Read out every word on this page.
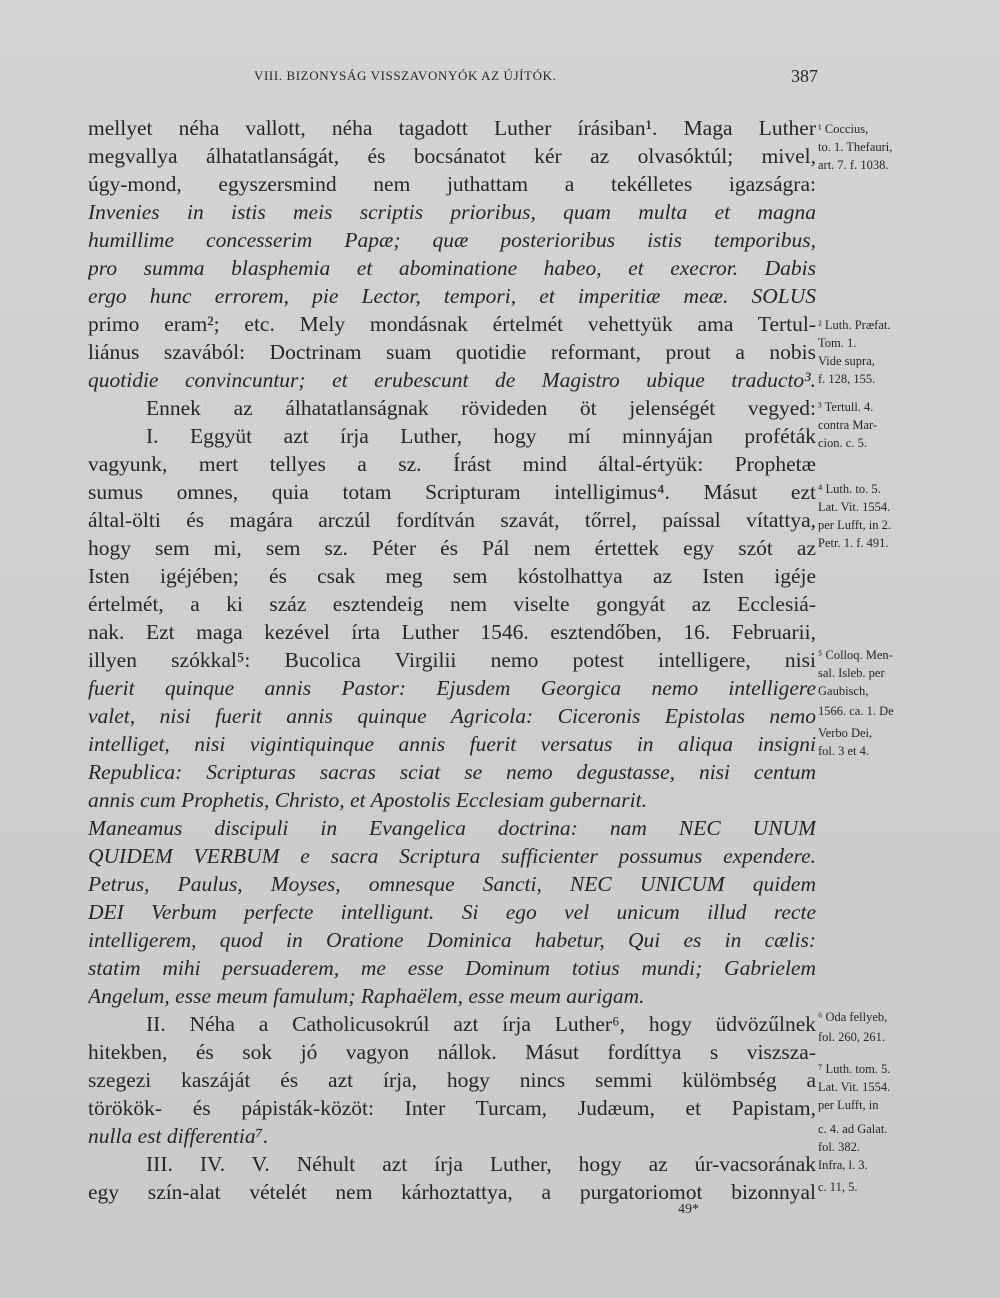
VIII. BIZONYSÁG VISSZAVONYÓK AZ ÚJÍTÓK.	387
mellyet néha vallott, néha tagadott Luther írásiban¹. Maga Luther
megvallya álhatatlanságát, és bocsánatot kér az olvasóktúl; mivel,
úgy-mond, egyszersmind nem juthattam a tekélletes igazságra:
Invenies in istis meis scriptis prioribus, quam multa et magna
humillime concesserim Papæ; quæ posterioribus istis temporibus,
pro summa blasphemia et abominatione habeo, et execror. Dabis
ergo hunc errorem, pie Lector, tempori, et imperitiæ meæ. SOLUS
primo eram²; etc. Mely mondásnak értelmét vehettyük ama Tertul-
liánus szavából: Doctrinam suam quotidie reformant, prout a nobis
quotidie convincuntur; et erubescunt de Magistro ubique traducto³.
Ennek az álhatatlanságnak rövideden öt jelenségét vegyed:
I. Eggyüt azt írja Luther, hogy mí minnyájan proféták
vagyunk, mert tellyes a sz. Írást mind által-értyük: Prophetæ
sumus omnes, quia totam Scripturam intelligimus⁴. Másut ezt
által-ölti és magára arczúl fordítván szavát, tőrrel, paíssal vítattya,
hogy sem mi, sem sz. Péter és Pál nem értettek egy szót az
Isten igéjében; és csak meg sem kóstolhattya az Isten igéje
értelmét, a ki száz esztendeig nem viselte gongyát az Ecclesiá-
nak. Ezt maga kezével írta Luther 1546. esztendőben, 16. Februarii,
illyen szókkal⁵: Bucolica Virgilii nemo potest intelligere, nisi
fuerit quinque annis Pastor: Ejusdem Georgica nemo intelligere
valet, nisi fuerit annis quinque Agricola: Ciceronis Epistolas nemo
intelliget, nisi vigintiquinque annis fuerit versatus in aliqua insigni
Republica: Scripturas sacras sciat se nemo degustasse, nisi centum
annis cum Prophetis, Christo, et Apostolis Ecclesiam gubernarit.
Maneamus discipuli in Evangelica doctrina: nam NEC UNUM
QUIDEM VERBUM e sacra Scriptura sufficienter possumus expendere.
Petrus, Paulus, Moyses, omnesque Sancti, NEC UNICUM quidem
DEI Verbum perfecte intelligunt. Si ego vel unicum illud recte
intelligerem, quod in Oratione Dominica habetur, Qui es in cælis:
statim mihi persuaderem, me esse Dominum totius mundi; Gabrielem
Angelum, esse meum famulum; Raphaëlem, esse meum aurigam.
II. Néha a Catholicusokrúl azt írja Luther⁶, hogy üdvözűlnek
hitekben, és sok jó vagyon nállok. Másut fordíttya s viszsza-
szegezi kaszáját és azt írja, hogy nincs semmi külömbség a
törökök- és pápisták-közöt: Inter Turcam, Judæum, et Papistam,
nulla est differentia⁷.
III. IV. V. Néhult azt írja Luther, hogy az úr-vacsorának
egy szín-alat vételét nem kárhoztattya, a purgatoriomot bizonnyal
¹ Coccius,
to. 1. Thefauri,
art. 7. f. 1038.
² Luth. Præfat.
Tom. 1.
Vide supra,
f. 128, 155.
³ Tertull. 4.
contra Mar-
cion. c. 5.
⁴ Luth. to. 5.
Lat. Vit. 1554.
per Lufft, in 2.
Petr. 1. f. 491.
⁵ Colloq. Men-
sal. Isleb. per
Gaubisch,
1566. ca. 1. De
Verbo Dei,
fol. 3 et 4.
⁶ Oda fellyeb,
fol. 260, 261.
⁷ Luth. tom. 5.
Lat. Vit. 1554.
per Lufft, in
c. 4. ad Galat.
fol. 382.
Infra, l. 3.
c. 11, 5.
49*
